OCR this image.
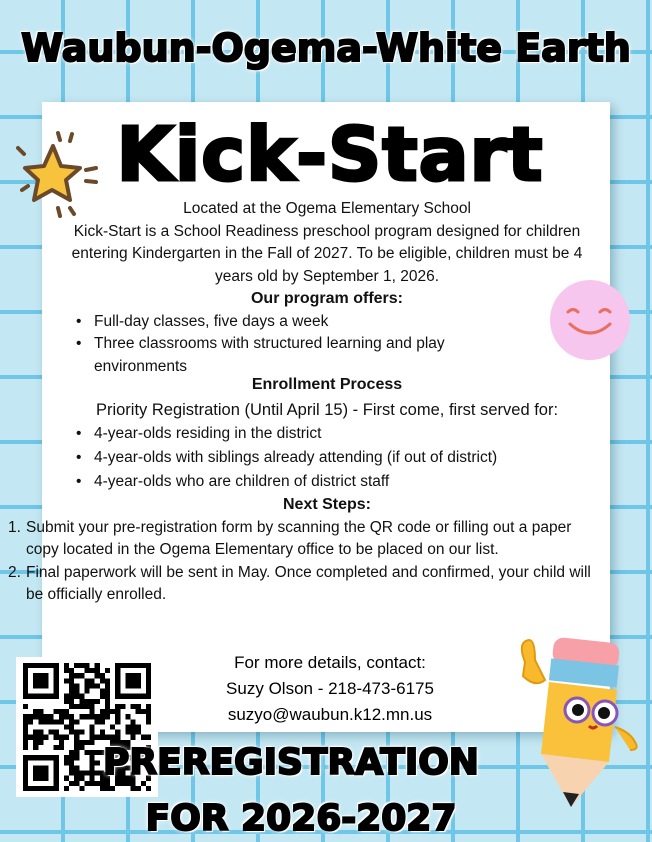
Waubun-Ogema-White Earth
Kick-Start
Located at the Ogema Elementary School
Kick-Start is a School Readiness preschool program designed for children entering Kindergarten in the Fall of 2027. To be eligible, children must be 4 years old by September 1, 2026.
Our program offers:
• Full-day classes, five days a week
• Three classrooms with structured learning and play environments
Enrollment Process
Priority Registration (Until April 15) - First come, first served for:
• 4-year-olds residing in the district
• 4-year-olds with siblings already attending (if out of district)
• 4-year-olds who are children of district staff
Next Steps:
1. Submit your pre-registration form by scanning the QR code or filling out a paper copy located in the Ogema Elementary office to be placed on our list.
2. Final paperwork will be sent in May. Once completed and confirmed, your child will be officially enrolled.
For more details, contact:
Suzy Olson - 218-473-6175
suzyo@waubun.k12.mn.us
PREREGISTRATION
FOR 2026-2027
